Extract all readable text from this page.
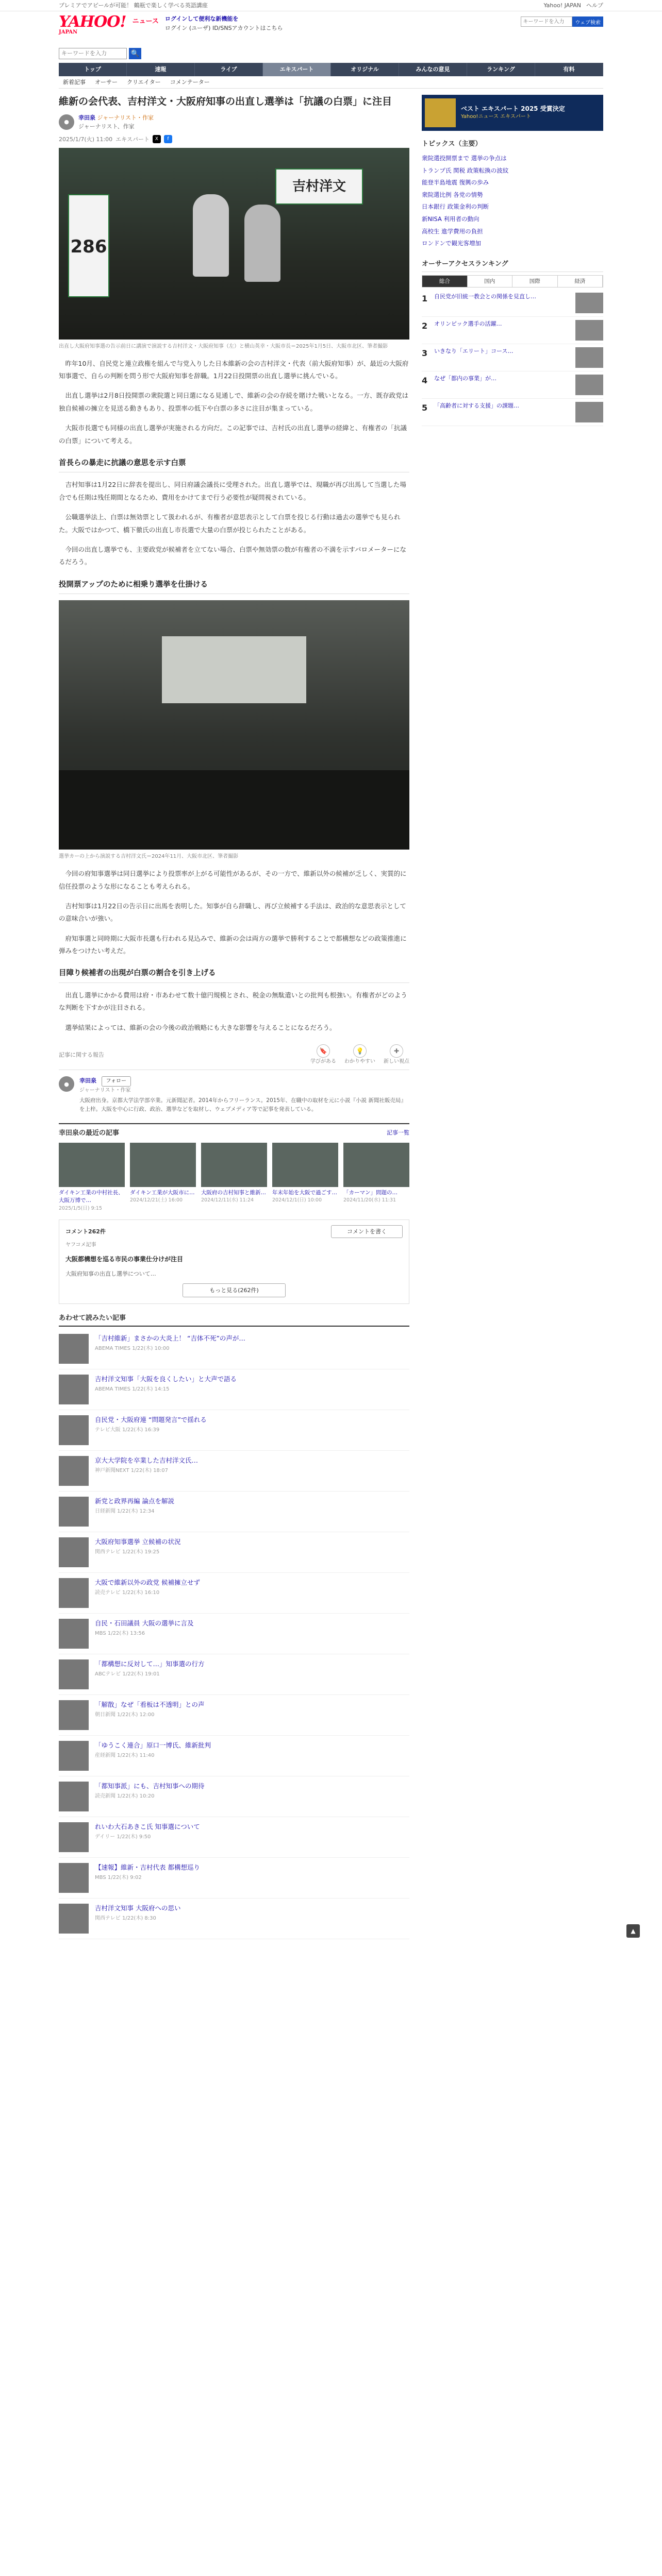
プレミアでアピールが可能！ 鶴瓶で楽しく学べる英語講座	Yahoo! JAPAN ヘルプ
YAHOO!
JAPAN
ニュース ログインして便利な新機能を
ログイン (ユーザ) ID/SNSアカウントはこちら
キーワードを入力
ウェブ検索
キーワードを入力
🔍
トップ	速報	ライブ	エキスパート	オリジナル	みんなの意見	ランキング	有料
新着記事 オーサー クリエイター コメンテーター
維新の会代表、吉村洋文・大阪府知事の出直し選挙は「抗議の白票」に注目
●
幸田泉 ジャーナリスト・作家
ジャーナリスト、作家
2025/1/7(火) 11:00 エキスパート	X	f
286
吉村洋文
出直し大阪府知事選の告示前日に講演で演説する吉村洋文・大阪府知事（左）と横山英幸・大阪市長＝2025年1月5日、大阪市北区、筆者撮影

昨年10月、自民党と連立政権を組んで与党入りした日本維新の会の吉村洋文・代表（前大阪府知事）が、最近の大阪府知事選で、自らの判断を問う形で大阪府知事を辞職。1月22日投開票の出直し選挙に挑んでいる。

出直し選挙は2月8日投開票の衆院選と同日選になる見通しで、維新の会の存続を賭けた戦いとなる。一方、既存政党は独自候補の擁立を見送る動きもあり、投票率の低下や白票の多さに注目が集まっている。

大阪市長選でも同様の出直し選挙が実施される方向だ。この記事では、吉村氏の出直し選挙の経緯と、有権者の「抗議の白票」について考える。

首長らの暴走に抗議の意思を示す白票

吉村知事は1月22日に辞表を提出し、同日府議会議長に受理された。出直し選挙では、現職が再び出馬して当選した場合でも任期は残任期間となるため、費用をかけてまで行う必要性が疑問視されている。

公職選挙法上、白票は無効票として扱われるが、有権者が意思表示として白票を投じる行動は過去の選挙でも見られた。大阪ではかつて、橋下徹氏の出直し市長選で大量の白票が投じられたことがある。

今回の出直し選挙でも、主要政党が候補者を立てない場合、白票や無効票の数が有権者の不満を示すバロメーターになるだろう。

投開票アップのために相乗り選挙を仕掛ける
選挙カーの上から演説する吉村洋文氏＝2024年11月、大阪市北区、筆者撮影

今回の府知事選挙は同日選挙により投票率が上がる可能性があるが、その一方で、維新以外の候補が乏しく、実質的に信任投票のような形になることも考えられる。

吉村知事は1月22日の告示日に出馬を表明した。知事が自ら辞職し、再び立候補する手法は、政治的な意思表示としての意味合いが強い。

府知事選と同時期に大阪市長選も行われる見込みで、維新の会は両方の選挙で勝利することで都構想などの政策推進に弾みをつけたい考えだ。

目障り候補者の出現が白票の割合を引き上げる

出直し選挙にかかる費用は府・市あわせて数十億円規模とされ、税金の無駄遣いとの批判も根強い。有権者がどのような判断を下すかが注目される。

選挙結果によっては、維新の会の今後の政治戦略にも大きな影響を与えることになるだろう。

記事に関する報告
🔖
学びがある
💡
わかりやすい
✚
新しい視点
●	幸田泉 フォロー
ジャーナリスト・作家
大阪府出身。京都大学法学部卒業。元新聞記者。2014年からフリーランス。2015年、在職中の取材を元に小説『小説 新聞社販売局』を上梓。大阪を中心に行政、政治、選挙などを取材し、ウェブメディア等で記事を発表している。
幸田泉の最近の記事	記事一覧
ダイキン工業の中村社長、大阪万博で…
2025/1/5(日) 9:15
ダイキン工業が大阪市に…
2024/12/21(土) 16:00
大阪府の吉村知事と維新…
2024/12/11(水) 11:24
年末年始を大阪で過ごす…
2024/12/1(日) 10:00
「カーマン」問題の…
2024/11/20(水) 11:31
コメント262件	コメントを書く
ヤフコメ記事
大阪都構想を巡る市民の事業仕分けが注目
大阪府知事の出直し選挙について…
もっと見る(262件)
あわせて読みたい記事
「吉村維新」まさかの大炎上！ “吉体不死”の声が…
ABEMA TIMES 1/22(木) 10:00
吉村洋文知事「大阪を良くしたい」と大声で語る
ABEMA TIMES 1/22(木) 14:15
自民党・大阪府連 “問題発言”で揺れる
テレビ大阪 1/22(木) 16:39
京大大学院を卒業した吉村洋文氏…
神戸新聞NEXT 1/22(木) 18:07
新党と政界再編 論点を解説
日経新聞 1/22(木) 12:34
大阪府知事選挙 立候補の状況
関西テレビ 1/22(木) 19:25
大阪で維新以外の政党 候補擁立せず
読売テレビ 1/22(木) 16:10
自民・石田議員 大阪の選挙に言及
MBS 1/22(木) 13:56
「都構想に反対して…」知事選の行方
ABCテレビ 1/22(木) 19:01
「解散」なぜ「看板は不透明」との声
朝日新聞 1/22(木) 12:00
「ゆうこく連合」原口一博氏、維新批判
産経新聞 1/22(木) 11:40
「都知事派」にも、吉村知事への期待
読売新聞 1/22(木) 10:20
れいわ大石あきこ氏 知事選について
デイリー 1/22(木) 9:50
【速報】維新・吉村代表 都構想巡り
MBS 1/22(木) 9:02
吉村洋文知事 大阪府への思い
関西テレビ 1/22(木) 8:30
ベスト エキスパート 2025 受賞決定
Yahoo!ニュース エキスパート
トピックス（主要）
衆院選投開票まで 選挙の争点は
トランプ氏 関税 政策転換の波紋
能登半島地震 復興の歩み
衆院選比例 各党の情勢
日本銀行 政策金利の判断
新NISA 利用者の動向
高校生 進学費用の負担
ロンドンで観光客増加
オーサーアクセスランキング
総合	国内	国際	経済
1	自民党が旧統一教会との関係を見直し…
2	オリンピック選手の活躍…
3	いきなり「エリート」コース…
4	なぜ「都内の事業」が…
5	「高齢者に対する支援」の課題…
▲
